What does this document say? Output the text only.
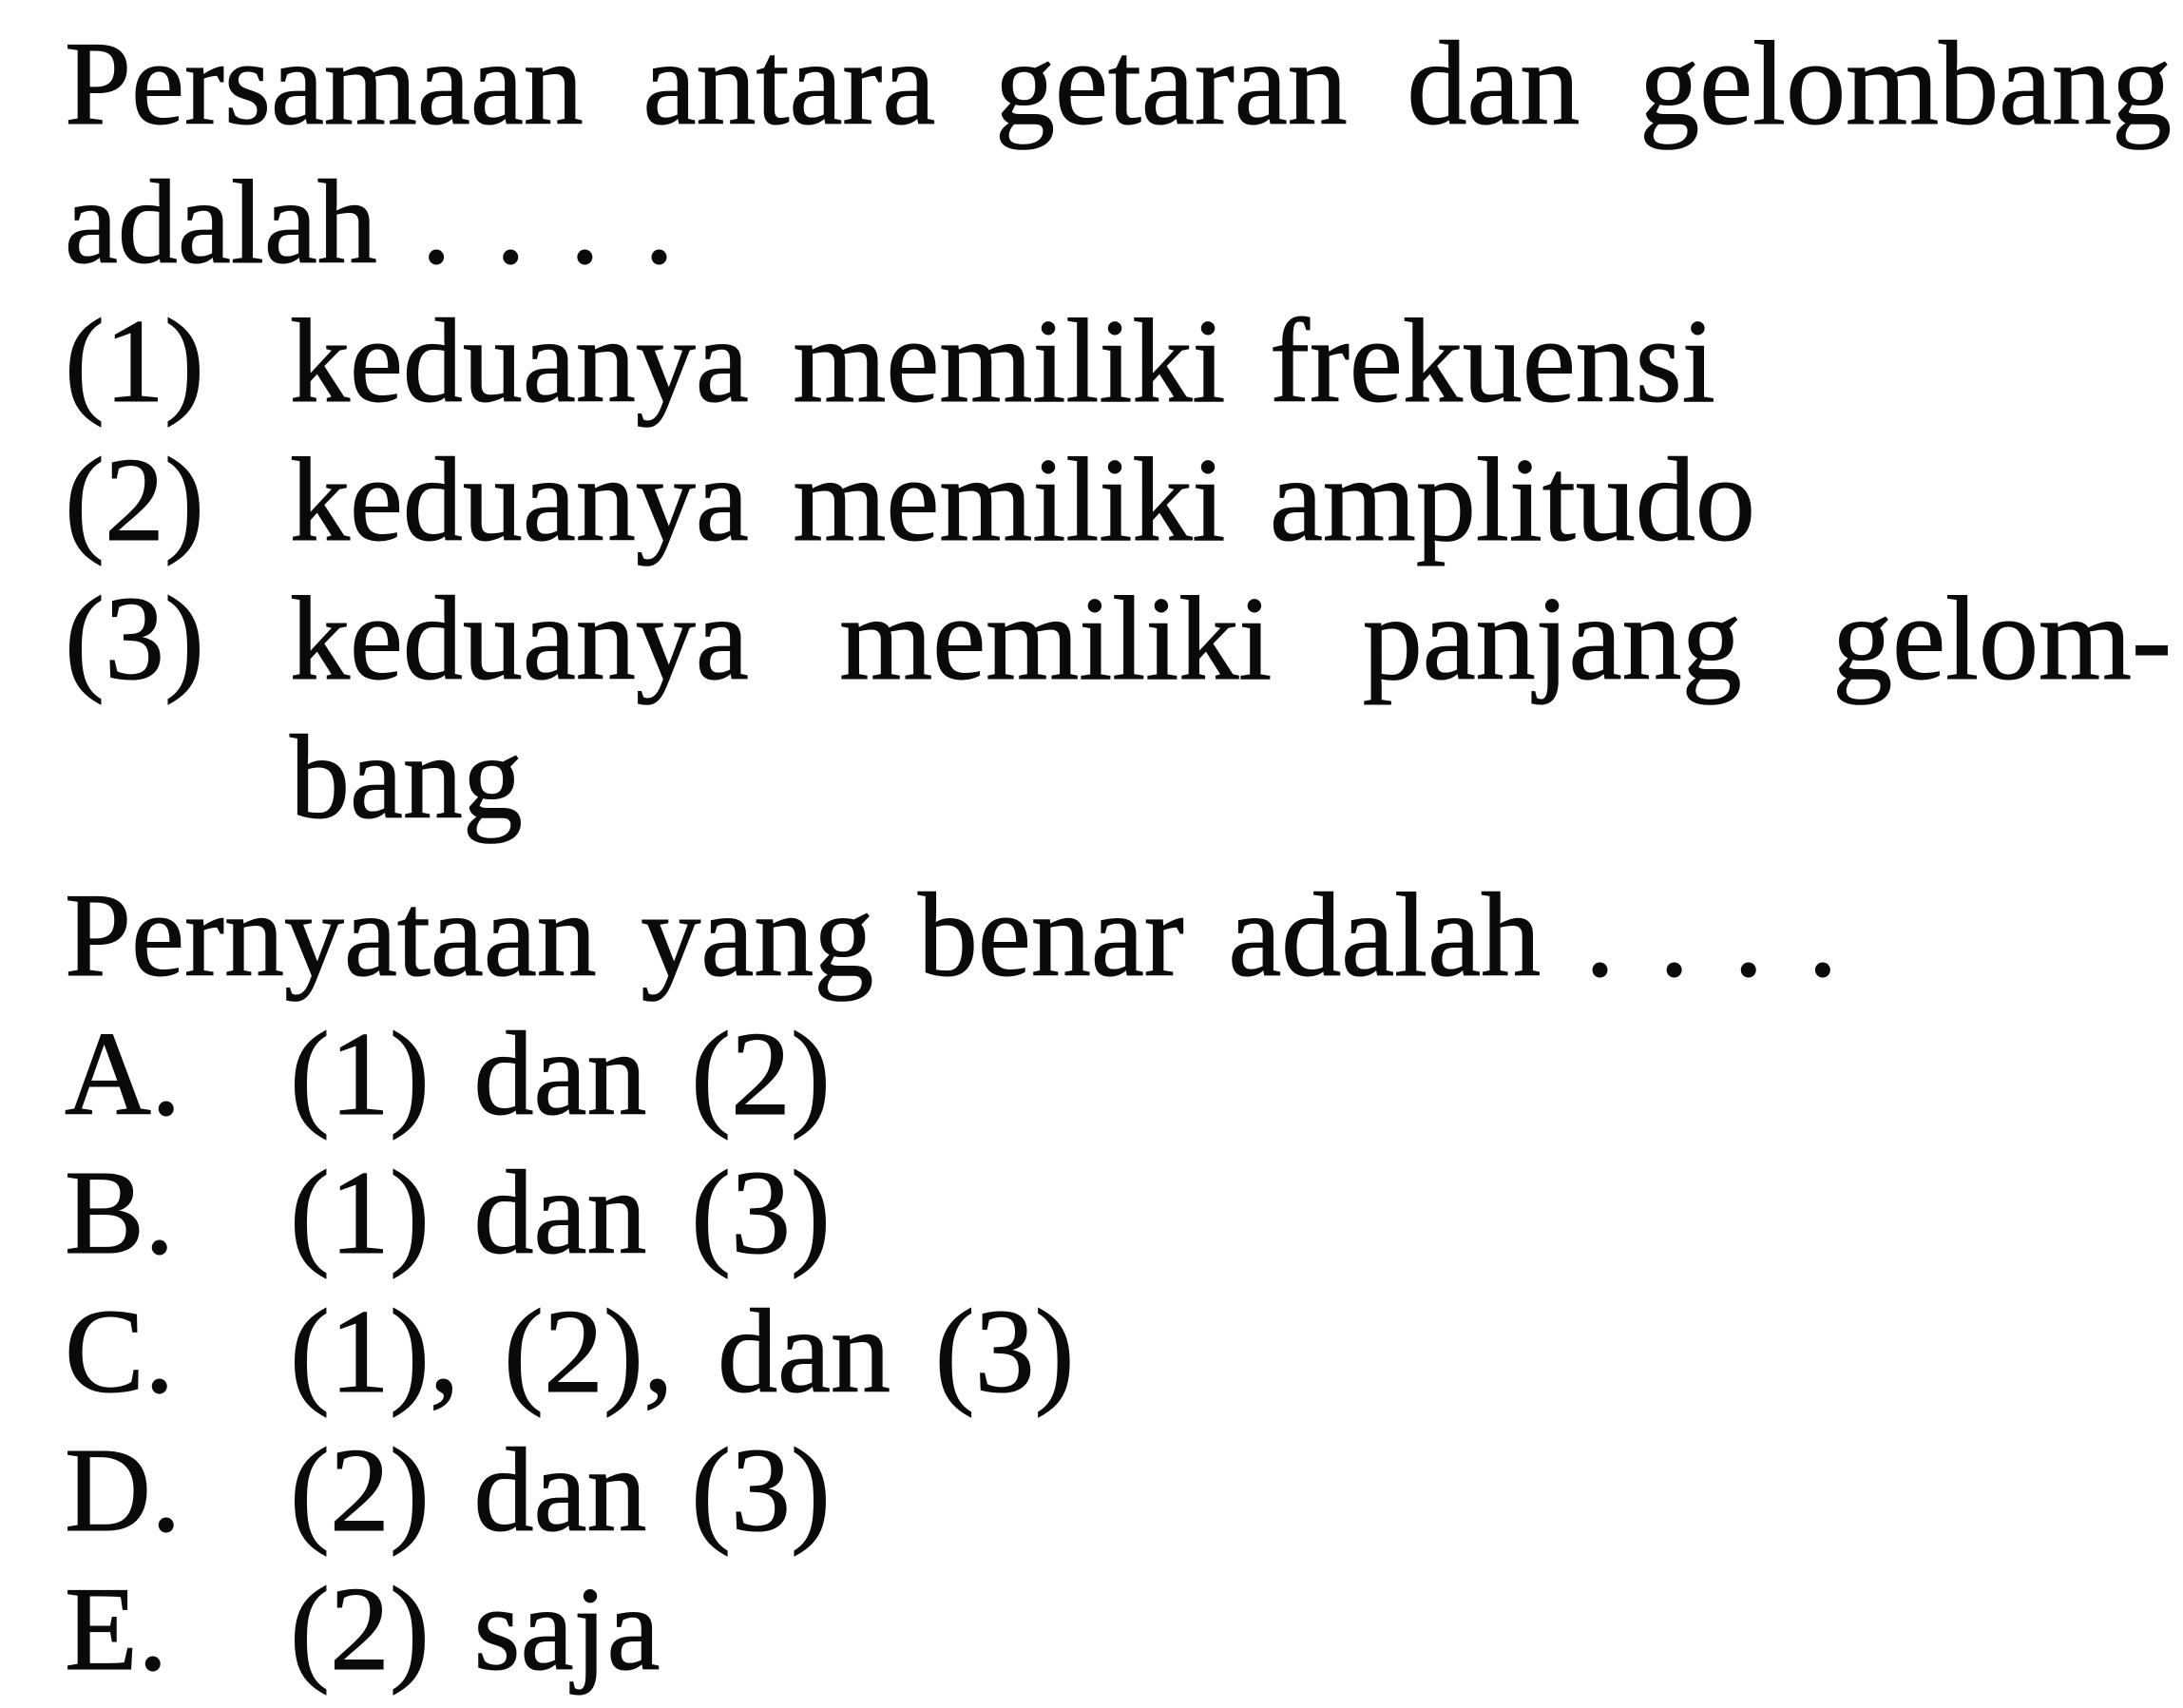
Persamaan antara getaran dan gelombang
adalah . . . .
(1) keduanya memiliki frekuensi
(2) keduanya memiliki amplitudo
(3) keduanya memiliki panjang gelom-
bang
Pernyataan yang benar adalah . . . .
A. (1) dan (2)
B. (1) dan (3)
C. (1), (2), dan (3)
D. (2) dan (3)
E.	(2) saja
